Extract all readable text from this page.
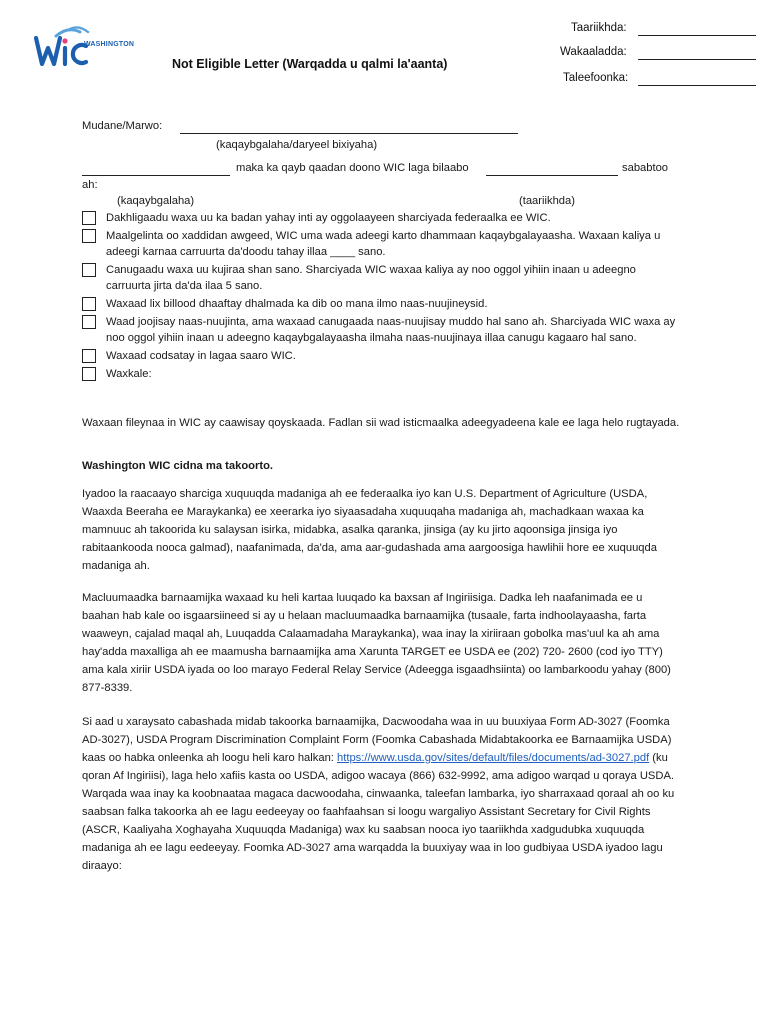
WASHINGTON
Not Eligible Letter (Warqadda u qalmi la'aanta)
Taariikhda:
Wakaaladda:
Taleefoonka:
Mudane/Marwo:
(kaqaybgalaha/daryeel bixiyaha)
maka ka qayb qaadan doono WIC laga bilaabo	sababtoo
ah:
(kaqaybgalaha)	(taariikhda)
Dakhligaadu waxa uu ka badan yahay inti ay oggolaayeen sharciyada federaalka ee WIC.
Maalgelinta oo xaddidan awgeed, WIC uma wada adeegi karto dhammaan kaqaybgalayaasha. Waxaan kaliya u adeegi karnaa carruurta da'doodu tahay illaa ____ sano.
Canugaadu waxa uu kujiraa shan sano. Sharciyada WIC waxaa kaliya ay noo oggol yihiin inaan u adeegno carruurta jirta da'da ilaa 5 sano.
Waxaad lix billood dhaaftay dhalmada ka dib oo mana ilmo naas-nuujineysid.
Waad joojisay naas-nuujinta, ama waxaad canugaada naas-nuujisay muddo hal sano ah. Sharciyada WIC waxa ay noo oggol yihiin inaan u adeegno kaqaybgalayaasha ilmaha naas-nuujinaya illaa canugu kagaaro hal sano.
Waxaad codsatay in lagaa saaro WIC.
Waxkale:
Waxaan fileynaa in WIC ay caawisay qoyskaada. Fadlan sii wad isticmaalka adeegyadeena kale ee laga helo rugtayada.
Washington WIC cidna ma takoorto.
Iyadoo la raacaayo sharciga xuquuqda madaniga ah ee federaalka iyo kan U.S. Department of Agriculture (USDA, Waaxda Beeraha ee Maraykanka) ee xeerarka iyo siyaasadaha xuquuqaha madaniga ah, machadkaan waxaa ka mamnuuc ah takoorida ku salaysan isirka, midabka, asalka qaranka, jinsiga (ay ku jirto aqoonsiga jinsiga iyo rabitaankooda nooca galmad), naafanimada, da'da, ama aar-gudashada ama aargoosiga hawlihii hore ee xuquuqda madaniga ah.
Macluumaadka barnaamijka waxaad ku heli kartaa luuqado ka baxsan af Ingiriisiga. Dadka leh naafanimada ee u baahan hab kale oo isgaarsiineed si ay u helaan macluumaadka barnaamijka (tusaale, farta indhoolayaasha, farta waaweyn, cajalad maqal ah, Luuqadda Calaamadaha Maraykanka), waa inay la xiriiraan gobolka mas'uul ka ah ama hay'adda maxalliga ah ee maamusha barnaamijka ama Xarunta TARGET ee USDA ee (202) 720- 2600 (cod iyo TTY) ama kala xiriir USDA iyada oo loo marayo Federal Relay Service (Adeegga isgaadhsiinta) oo lambarkoodu yahay (800) 877-8339.
Si aad u xaraysato cabashada midab takoorka barnaamijka, Dacwoodaha waa in uu buuxiyaa Form AD-3027 (Foomka AD-3027), USDA Program Discrimination Complaint Form (Foomka Cabashada Midabtakoorka ee Barnaamijka USDA) kaas oo habka onleenka ah loogu heli karo halkan: https://www.usda.gov/sites/default/files/documents/ad-3027.pdf (ku qoran Af Ingiriisi), laga helo xafiis kasta oo USDA, adigoo wacaya (866) 632-9992, ama adigoo warqad u qoraya USDA. Warqada waa inay ka koobnaataa magaca dacwoodaha, cinwaanka, taleefan lambarka, iyo sharraxaad qoraal ah oo ku saabsan falka takoorka ah ee lagu eedeeyay oo faahfaahsan si loogu wargaliyo Assistant Secretary for Civil Rights (ASCR, Kaaliyaha Xoghayaha Xuquuqda Madaniga) wax ku saabsan nooca iyo taariikhda xadgudubka xuquuqda madaniga ah ee lagu eedeeyay. Foomka AD-3027 ama warqadda la buuxiyay waa in loo gudbiyaa USDA iyadoo lagu diraayo:
